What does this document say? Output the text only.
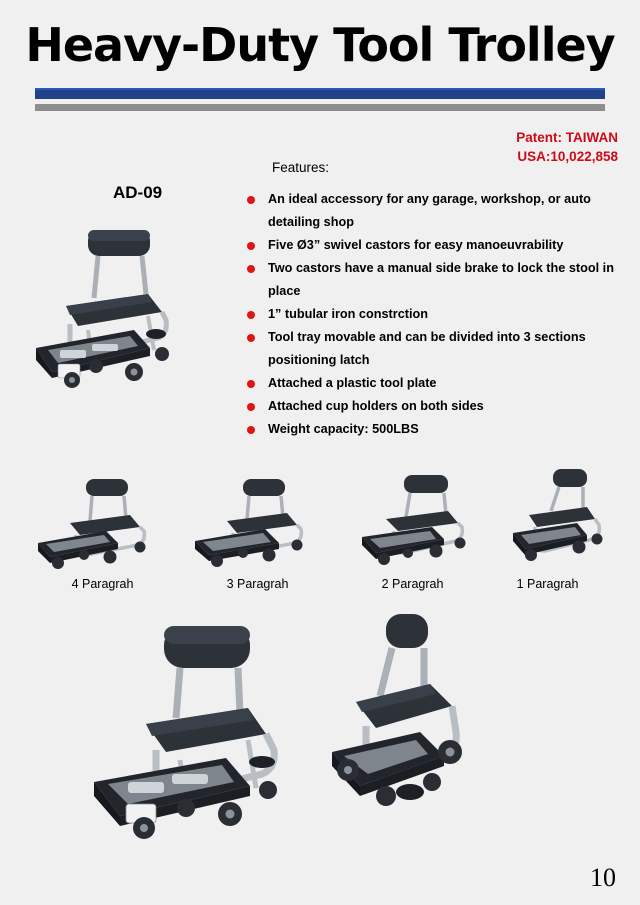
Heavy-Duty Tool Trolley
Patent: TAIWAN
USA:10,022,858
AD-09
Features:
An ideal accessory for any garage, workshop, or auto detailing shop
Five Ø3” swivel castors for easy manoeuvrability
Two castors have a manual side brake to lock the stool in place
1” tubular iron constrction
Tool tray movable and can be divided into 3 sections positioning latch
Attached a plastic tool plate
Attached cup holders on both sides
Weight capacity: 500LBS
4 Paragrah	3 Paragrah	2 Paragrah	1 Paragrah
10
